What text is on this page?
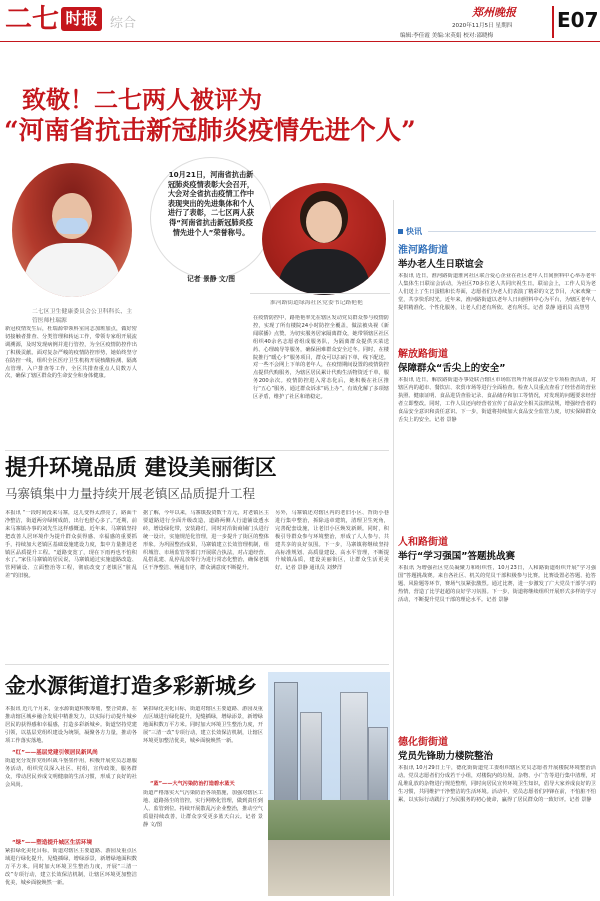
二七 时报 综合
郑州晚报
2020年11月5日 星期四
编辑:李佳霞 美编:宋英娟 校对:邵晓梅
E07
致敬！二七两人被评为
“河南省抗击新冠肺炎疫情先进个人”
二七区卫生健康委员会公卫科科长、主管医师杜瑞源
10月21日，河南省抗击新冠肺炎疫情表彰大会召开，大会对全省抗击疫情工作中表现突出的先进集体和个人进行了表彰，二七区两人获得“河南省抗击新冠肺炎疫情先进个人”荣誉称号。
记者 景静 文/图
淮河路街道绿海社区党委书记路艳艳
新冠疫情发生后，杜瑞源带领科室同志加班加点，做好密切接触者排查、分类管理和转运工作，带领专家组开展流调溯源，及时发现病例并进行管控，为全区疫情防控作出了积极贡献。面对复杂严峻的疫情防控形势，她始终坚守在防控一线，组织全区医疗卫生机构开展核酸检测、隔离点管理、入户排查等工作，全区共排查重点人员数万人次，确保了辖区群众的生命安全和身体健康。
在疫情防控中，路艳艳率先在辖区发动党员群众参与疫情防控，实现了所有楼院24小时防控全覆盖，做法被央视《新闻联播》点赞。为切实服务居家隔离群众，她带领辖区社区组织40余名志愿者组成服务队，为隔离群众提供买菜送药、心理疏导等服务，确保困难群众安全过冬。同时，在楼院推行“暖心卡”服务项目，群众可以扫码下单，线下配送。对一些不会网上下单的老年人，在疫情期间设置的疫情防控点提供代购服务，为辖区居民累计代购生活物资近千单，服务200余次。疫情防控进入常态化后，她积极在社区推行“五心”服务，通过群众诉求“码上办”，有效化解了多项辖区矛盾，维护了社区和谐稳定。
提升环境品质 建设美丽街区
马寨镇集中力量持续开展老镇区品质提升工程
本报讯 “一段时间没来马寨，这儿变得太漂亮了，路面干净整洁，街道两旁绿树成荫，出行也舒心多了。”近期，前来马寨镇办事的刘先生这样感慨道。近年来，马寨镇坚持把改善人居环境作为提升群众获得感、幸福感的重要抓手，持续加大老镇区基础设施建设力度，集中力量推进老镇区品质提升工程。“道路变宽了，现在下雨再也不怕积水了。”家住马寨镇的居民说，马寨镇通过实施道路改造、管网铺设、立面整治等工程，彻底改变了老镇区“脏乱差”的旧貌。
据了解，今年以来，马寨镇投资数千万元，对老镇区主要道路进行全面升级改造，道路两侧人行道铺设透水砖，增设绿化带，安装路灯，同时对沿街商铺门头进行统一设计，实施规范化管理，进一步提升了街区的整体形象。为巩固整治成果，马寨镇建立长效管理机制，组织城管、市场监管等部门开展联合执法，对占道经营、乱搭乱建、乱停乱放等行为进行常态化整治，确保老镇区干净整洁、畅通有序，群众满意度不断提升。
另外，马寨镇还对辖区内的老旧小区、背街小巷进行集中整治，拆除违章建筑，清理卫生死角，完善配套设施，让老旧小区焕发新颜。同时，积极引导群众参与环境整治，形成了人人参与、共建共享的良好氛围。下一步，马寨镇将继续坚持高标准规划、高质量建设、高水平管理，不断提升城镇品质，建设美丽街区，让群众生活更美好。记者 景静 通讯员 刘梦洋
金水源街道打造多彩新城乡
本报讯 近几个月来，金水源街道积极筹划，整合资源，在推动辖区城乡融合发展中精准发力，以实际行动提升城乡居民的获得感和幸福感，打造多彩新城乡。街道坚持党建引领，以基层党组织建设为统领，凝聚各方力量，推动各项工作落实落地。
“红”——基层党建引领居民新风尚
街道充分发挥党组织战斗堡垒作用，积极开展党员志愿服务活动，组织党员深入社区、村组，宣传政策，服务群众，带动居民养成文明健康的生活习惯，形成了良好的社会风尚。
“绿”——塑造提升城区生活环境
紧扣绿化美化目标，街道对辖区主要道路、游园及重点区域进行绿化提升，见缝插绿，增绿添景，新增绿地面积数万平方米。同时加大环境卫生整治力度，开展“三清一改”专项行动，建立长效保洁机制，让辖区环境更加整洁优美，城乡面貌焕然一新。
紧扣绿化美化目标，街道对辖区主要道路、游园及重点区域进行绿化提升，见缝插绿，增绿添景，新增绿地面积数万平方米。同时加大环境卫生整治力度，开展“三清一改”专项行动，建立长效保洁机制，让辖区环境更加整洁优美，城乡面貌焕然一新。
“蓝”——大气污染防治打造碧水蓝天
街道严格落实大气污染防治各项措施，加强对辖区工地、道路扬尘的管控，实行网格化管理，做到责任到人、监管到位。持续开展散乱污企业整治，推动空气质量持续改善，让群众享受更多蓝天白云。记者 景静 文/图
快讯
淮河路街道
举办老人生日联谊会
本报讯 近日，淮河路街道淮河社区联合爱心企业在社区老年人日间照料中心举办老年人集体生日联谊会活动，为社区70多位老人共同庆祝生日。联谊会上，工作人员为老人们送上了生日蛋糕和长寿面，志愿者们为老人们表演了精彩的文艺节目，大家欢聚一堂，共享快乐时光。近年来，淮河路街道以老年人日间照料中心为平台，为辖区老年人提供精准化、个性化服务，让老人们老有所依、老有所乐。记者 景静 通讯员 高慧男
解放路街道
保障群众“舌尖上的安全”
本报讯 近日，解放路街道办事处联合辖区市场监管所开展食品安全专项检查活动，对辖区内的超市、餐饮店、农贸市场等进行全面检查。检查人员重点查看了经营者的营业执照、健康证明、食品进货查验记录、食品储存和加工等情况，对发现的问题要求经营者立即整改。同时，工作人员还向经营者宣传了食品安全相关法律法规，增强经营者的食品安全意识和责任意识。下一步，街道将持续加大食品安全监管力度，切实保障群众舌尖上的安全。记者 景静
人和路街道
举行“学习强国”答题挑战赛
本报讯 为增强社区党员凝聚力和组织性，10月23日，人和路街道组织开展“学习强国”答题挑战赛。来自各社区、机关的党员干部积极参与比赛。比赛设置必答题、抢答题、风险题等环节，赛场气氛紧张激烈。通过比赛，进一步激发了广大党员干部学习的热情，营造了比学赶超的良好学习氛围。下一步，街道将继续组织开展形式多样的学习活动，不断提升党员干部的理论水平。记者 景静
德化街街道
党员先锋助力楼院整治
本报讯 10月29日上午，德化街街道党工委组织辖区党员志愿者开展楼院环境整治活动。党员志愿者们分成若干小组，对楼院内的垃圾、杂物、小广告等进行集中清理，对乱堆乱放的杂物进行规范整理，同时向居民宣传环境卫生知识，倡导大家养成良好的卫生习惯，共同维护干净整洁的生活环境。活动中，党员志愿者们冲锋在前，不怕脏不怕累，以实际行动践行了为民服务的初心使命，赢得了居民群众的一致好评。记者 景静
